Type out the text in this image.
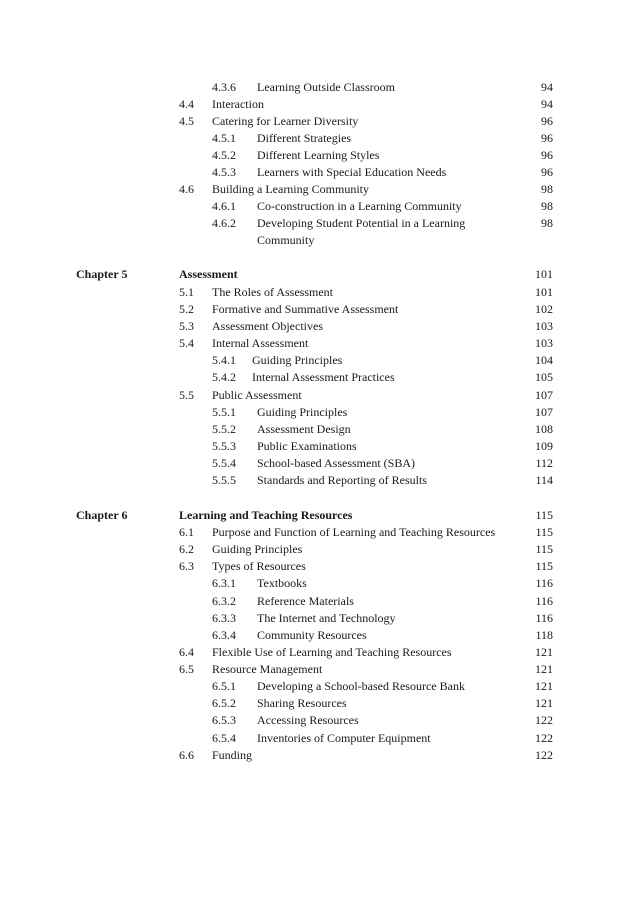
4.3.6 Learning Outside Classroom	94
4.4 Interaction	94
4.5 Catering for Learner Diversity	96
4.5.1 Different Strategies	96
4.5.2 Different Learning Styles	96
4.5.3 Learners with Special Education Needs	96
4.6 Building a Learning Community	98
4.6.1 Co-construction in a Learning Community	98
4.6.2 Developing Student Potential in a Learning	98
Community
Chapter 5	Assessment	101
5.1 The Roles of Assessment	101
5.2 Formative and Summative Assessment	102
5.3 Assessment Objectives	103
5.4 Internal Assessment	103
5.4.1 Guiding Principles	104
5.4.2 Internal Assessment Practices	105
5.5 Public Assessment	107
5.5.1 Guiding Principles	107
5.5.2 Assessment Design	108
5.5.3 Public Examinations	109
5.5.4 School-based Assessment (SBA)	112
5.5.5 Standards and Reporting of Results	114
Chapter 6	Learning and Teaching Resources	115
6.1 Purpose and Function of Learning and Teaching Resources	115
6.2 Guiding Principles	115
6.3 Types of Resources	115
6.3.1 Textbooks	116
6.3.2 Reference Materials	116
6.3.3 The Internet and Technology	116
6.3.4 Community Resources	118
6.4 Flexible Use of Learning and Teaching Resources	121
6.5 Resource Management	121
6.5.1 Developing a School-based Resource Bank	121
6.5.2 Sharing Resources	121
6.5.3 Accessing Resources	122
6.5.4 Inventories of Computer Equipment	122
6.6 Funding	122
